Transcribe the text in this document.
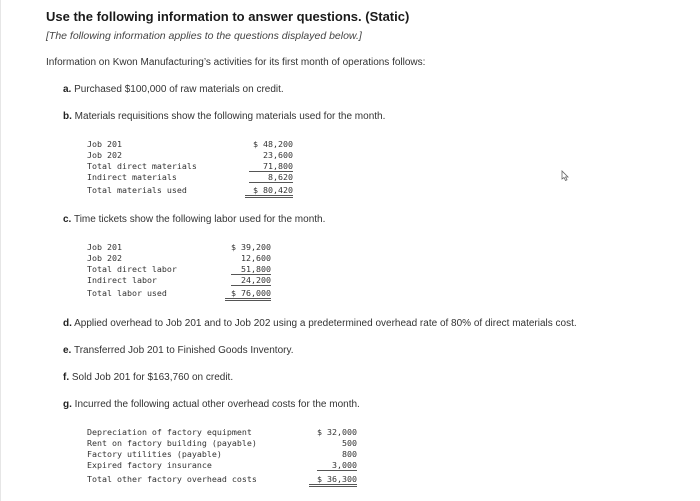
Use the following information to answer questions. (Static)
[The following information applies to the questions displayed below.]
Information on Kwon Manufacturing’s activities for its first month of operations follows:
a. Purchased $100,000 of raw materials on credit.
b. Materials requisitions show the following materials used for the month.
Job 201	$ 48,200
Job 202	23,600
Total direct materials	71,800
Indirect materials	8,620
Total materials used	$ 80,420
c. Time tickets show the following labor used for the month.
Job 201	$ 39,200
Job 202	12,600
Total direct labor	51,800
Indirect labor	24,200
Total labor used	$ 76,000
d. Applied overhead to Job 201 and to Job 202 using a predetermined overhead rate of 80% of direct materials cost.
e. Transferred Job 201 to Finished Goods Inventory.
f. Sold Job 201 for $163,760 on credit.
g. Incurred the following actual other overhead costs for the month.
Depreciation of factory equipment	$ 32,000
Rent on factory building (payable)	500
Factory utilities (payable)	800
Expired factory insurance	3,000
Total other factory overhead costs	$ 36,300
